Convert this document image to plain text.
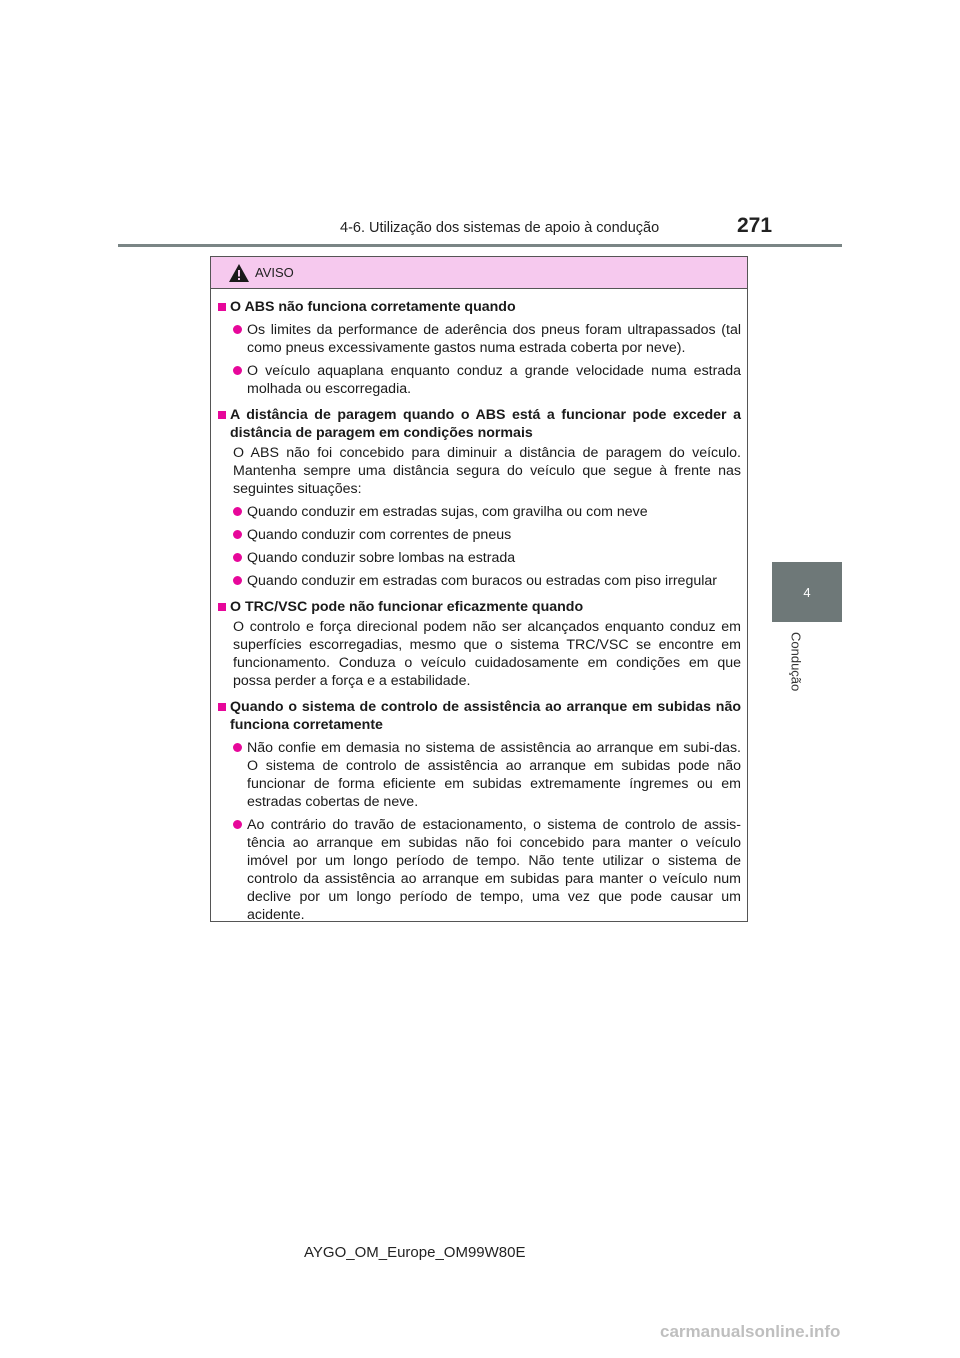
4-6. Utilização dos sistemas de apoio à condução	271
4
Condução
AVISO
O ABS não funciona corretamente quando
Os limites da performance de aderência dos pneus foram ultrapassados (tal como pneus excessivamente gastos numa estrada coberta por neve).
O veículo aquaplana enquanto conduz a grande velocidade numa estrada molhada ou escorregadia.
A distância de paragem quando o ABS está a funcionar pode exceder a distância de paragem em condições normais
O ABS não foi concebido para diminuir a distância de paragem do veículo. Mantenha sempre uma distância segura do veículo que segue à frente nas seguintes situações:
Quando conduzir em estradas sujas, com gravilha ou com neve
Quando conduzir com correntes de pneus
Quando conduzir sobre lombas na estrada
Quando conduzir em estradas com buracos ou estradas com piso irregular
O TRC/VSC pode não funcionar eficazmente quando
O controlo e força direcional podem não ser alcançados enquanto conduz em superfícies escorregadias, mesmo que o sistema TRC/VSC se encontre em funcionamento. Conduza o veículo cuidadosamente em condições em que possa perder a força e a estabilidade.
Quando o sistema de controlo de assistência ao arranque em subidas não funciona corretamente
Não confie em demasia no sistema de assistência ao arranque em subi-das. O sistema de controlo de assistência ao arranque em subidas pode não funcionar de forma eficiente em subidas extremamente íngremes ou em estradas cobertas de neve.
Ao contrário do travão de estacionamento, o sistema de controlo de assis-tência ao arranque em subidas não foi concebido para manter o veículo imóvel por um longo período de tempo. Não tente utilizar o sistema de controlo da assistência ao arranque em subidas para manter o veículo num declive por um longo período de tempo, uma vez que pode causar um acidente.
AYGO_OM_Europe_OM99W80E
carmanualsonline.info
